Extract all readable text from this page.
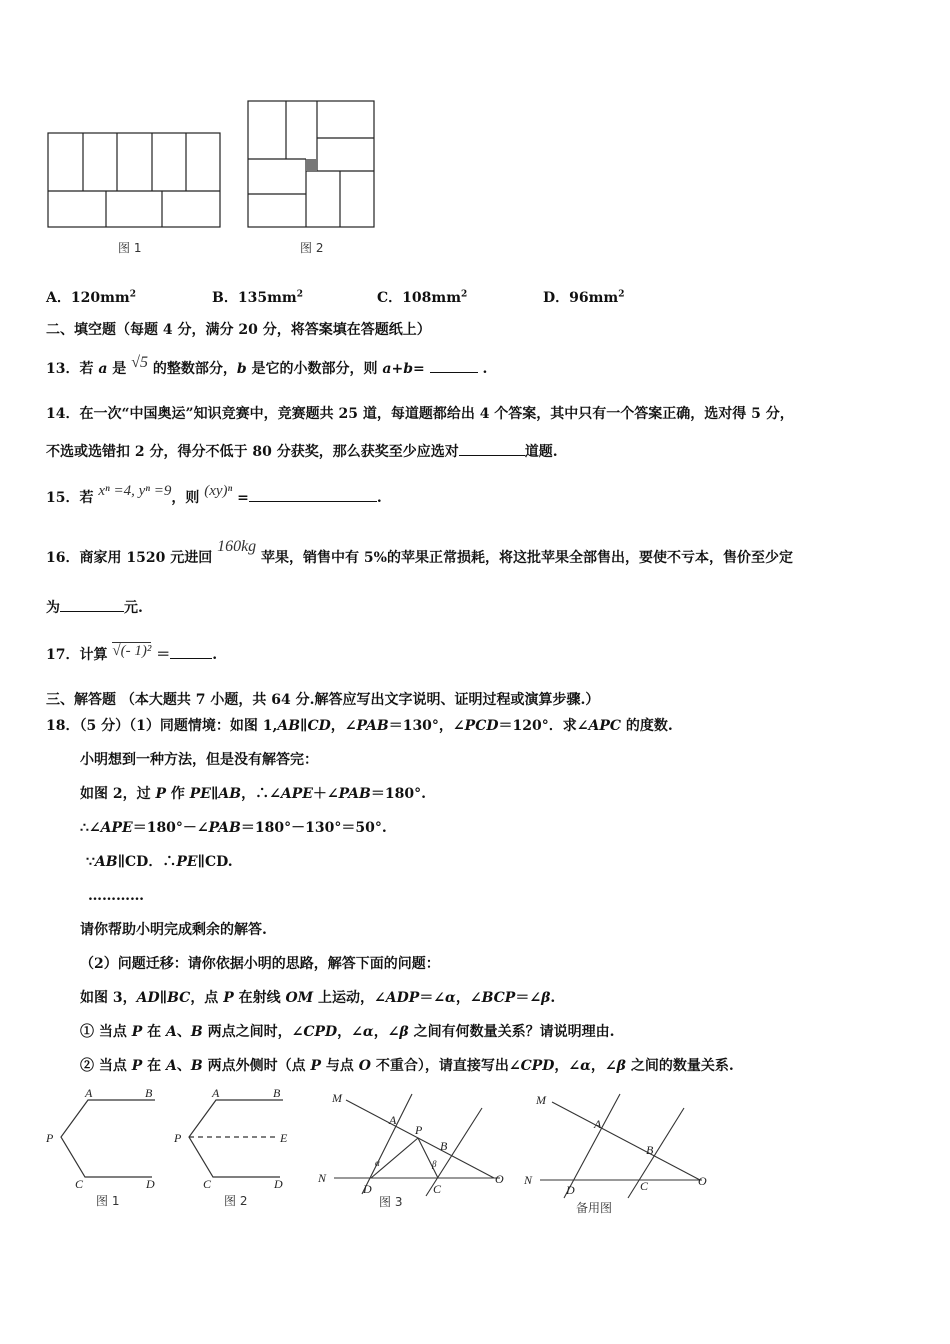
图 1	图 2
A．$120mm^2$	B．$135mm^2$	C．$108mm^2$	D．$96mm^2$
二、填空题（每题 4 分，满分 20 分，将答案填在答题纸上）
13．若 a 是 √5 的整数部分，b 是它的小数部分，则 a+b=	.
14．在一次“中国奥运”知识竞赛中，竞赛题共 25 道，每道题都给出 4 个答案，其中只有一个答案正确，选对得 5 分，
不选或选错扣 2 分，得分不低于 80 分获奖，那么获奖至少应选对	道题.
15．若 xⁿ =4, yⁿ =9，则 (xy)ⁿ =	.
16．商家用 1520 元进回 160kg 苹果，销售中有 5%的苹果正常损耗，将这批苹果全部售出，要使不亏本，售价至少定
为	元.
17．计算 √(- 1)² ＝	.
三、解答题 （本大题共 7 小题，共 64 分.解答应写出文字说明、证明过程或演算步骤.）
18．（5 分）（1）同题情境：如图 1,AB∥CD，∠PAB＝130°，∠PCD＝120°．求∠APC 的度数.
小明想到一种方法，但是没有解答完：
如图 2，过 P 作 PE∥AB，∴∠APE＋∠PAB＝180°.
∴∠APE＝180°－∠PAB＝180°－130°＝50°.
∵AB∥CD．∴PE∥CD.
…………
请你帮助小明完成剩余的解答.
（2）问题迁移：请你依据小明的思路，解答下面的问题：
如图 3，AD∥BC，点 P 在射线 OM 上运动，∠ADP＝∠α，∠BCP＝∠β.
① 当点 P 在 A、B 两点之间时，∠CPD，∠α，∠β 之间有何数量关系？请说明理由.
② 当点 P 在 A、B 两点外侧时（点 P 与点 O 不重合），请直接写出∠CPD，∠α，∠β 之间的数量关系.
A	B
P
C	D
图 1
A	B
P	E
C	D
图 2
M
A
P
B
N
D	C
O
α	β
图 3
M
A
B
N
D	C	O
备用图
